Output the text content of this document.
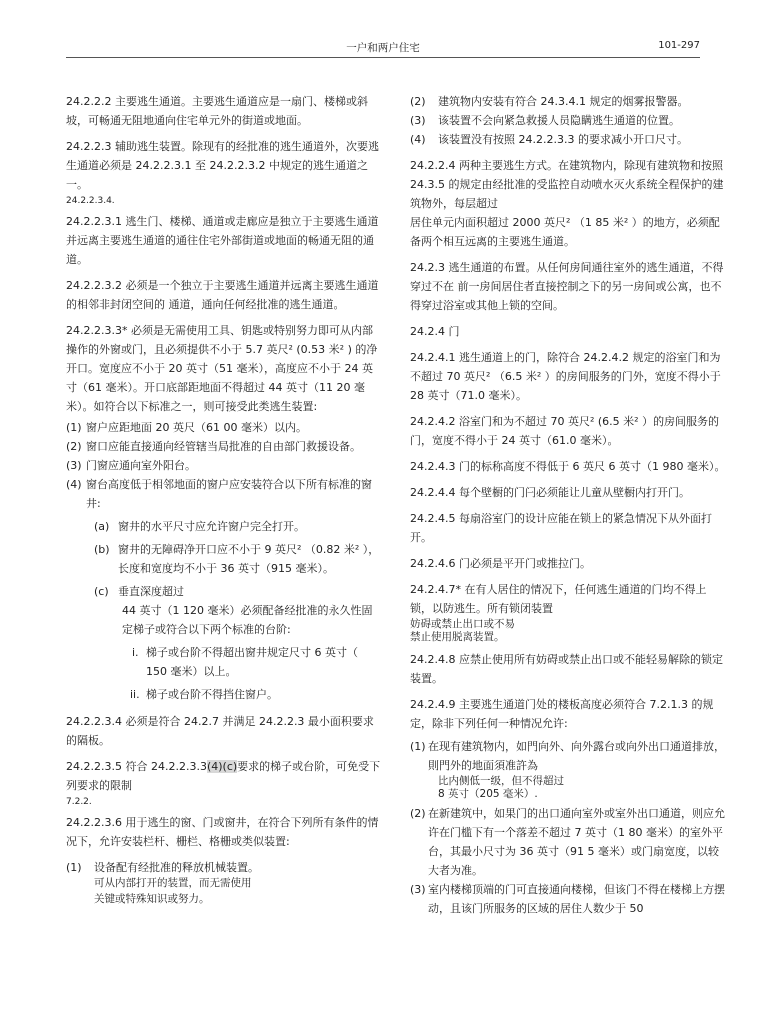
一户和两户住宅	101-297

24.2.2.2 主要逃生通道。主要逃生通道应是一扇门、楼梯或斜坡，可畅通无阻地通向住宅单元外的街道或地面。

24.2.2.3 辅助逃生装置。除现有的经批准的逃生通道外，次要逃生通道必须是 24.2.2.3.1 至 24.2.2.3.2 中规定的逃生通道之一。

24.2.2.3.4.

24.2.2.3.1 逃生门、楼梯、通道或走廊应是独立于主要逃生通道并远离主要逃生通道的通往住宅外部街道或地面的畅通无阻的通道。

24.2.2.3.2 必须是一个独立于主要逃生通道并远离主要逃生通道的相邻非封闭空间的 通道，通向任何经批准的逃生通道。

24.2.2.3.3* 必须是无需使用工具、钥匙或特别努力即可从内部操作的外窗或门，且必须提供不小于 5.7 英尺² (0.53 米² ) 的净开口。宽度应不小于 20 英寸（51 毫米），高度应不小于 24 英寸（61 毫米）。开口底部距地面不得超过 44 英寸（11 20 毫米）。如符合以下标准之一，则可接受此类逃生装置:

(1) 窗户应距地面 20 英尺（61 00 毫米）以内。

(2) 窗口应能直接通向经管辖当局批准的自由部门救援设备。

(3) 门窗应通向室外阳台。

(4) 窗台高度低于相邻地面的窗户应安装符合以下所有标准的窗井:

(a) 窗井的水平尺寸应允许窗户完全打开。

(b) 窗井的无障碍净开口应不小于 9 英尺² （0.82 米² ），长度和宽度均不小于 36 英寸（915 毫米）。

(c) 垂直深度超过

44 英寸（1 120 毫米）必须配备经批准的永久性固定梯子或符合以下两个标准的台阶:

i. 梯子或台阶不得超出窗井规定尺寸 6 英寸（ 150 毫米）以上。

ii. 梯子或台阶不得挡住窗户。

24.2.2.3.4 必须是符合 24.2.7 并满足 24.2.2.3 最小面积要求的隔板。

24.2.2.3.5 符合 24.2.2.3.3(4)(c)要求的梯子或台阶，可免受下列要求的限制

7.2.2.

24.2.2.3.6 用于逃生的窗、门或窗井，在符合下列所有条件的情况下，允许安装栏杆、栅栏、格栅或类似装置:

(1) 设备配有经批准的释放机械装置。

可从内部打开的装置，而无需使用

关键或特殊知识或努力。

(2) 建筑物内安装有符合 24.3.4.1 规定的烟雾报警器。

(3) 该装置不会向紧急救援人员隐瞒逃生通道的位置。

(4) 该装置没有按照 24.2.2.3.3 的要求减小开口尺寸。

24.2.2.4 两种主要逃生方式。在建筑物内，除现有建筑物和按照 24.3.5 的规定由经批准的受监控自动喷水灭火系统全程保护的建筑物外，每层超过

居住单元内面积超过 2000 英尺² （1 85 米² ）的地方，必须配备两个相互远离的主要逃生通道。

24.2.3 逃生通道的布置。从任何房间通往室外的逃生通道，不得穿过不在 前一房间居住者直接控制之下的另一房间或公寓，也不得穿过浴室或其他上锁的空间。

24.2.4 门

24.2.4.1 逃生通道上的门，除符合 24.2.4.2 规定的浴室门和为不超过 70 英尺² （6.5 米² ）的房间服务的门外，宽度不得小于 28 英寸（71.0 毫米）。

24.2.4.2 浴室门和为不超过 70 英尺² (6.5 米² ）的房间服务的门，宽度不得小于 24 英寸（61.0 毫米）。

24.2.4.3 门的标称高度不得低于 6 英尺 6 英寸（1 980 毫米）。

24.2.4.4 每个壁橱的门闩必须能让儿童从壁橱内打开门。

24.2.4.5 每扇浴室门的设计应能在锁上的紧急情况下从外面打开。

24.2.4.6 门必须是平开门或推拉门。

24.2.4.7* 在有人居住的情况下，任何逃生通道的门均不得上锁，以防逃生。所有锁闭装置

妨碍或禁止出口或不易

禁止使用脱离装置。

24.2.4.8 应禁止使用所有妨碍或禁止出口或不能轻易解除的锁定装置。

24.2.4.9 主要逃生通道门处的楼板高度必须符合 7.2.1.3 的规 定，除非下列任何一种情况允许:

(1) 在现有建筑物内，如門向外、向外露台或向外出口通道排放，則門外的地面須准許為

比内侧低一级，但不得超过

8 英寸（205 毫米）.

(2) 在新建筑中，如果门的出口通向室外或室外出口通道，则应允许在门槛下有一个落差不超过 7 英寸（1 80 毫米）的室外平台，其最小尺寸为 36 英寸（91 5 毫米）或门扇宽度，以较大者为准。

(3) 室内楼梯顶端的门可直接通向楼梯，但该门不得在楼梯上方摆动，且该门所服务的区域的居住人数少于 50
